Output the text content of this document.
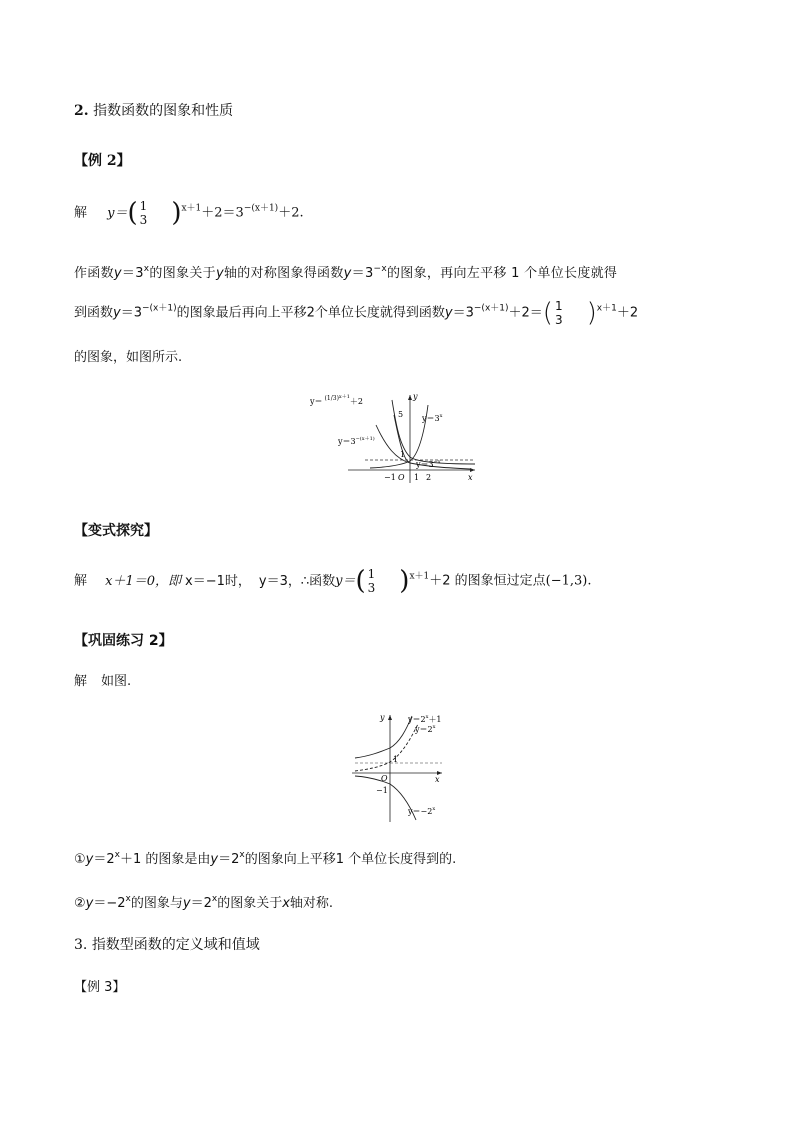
2. 指数函数的图象和性质
【例 2】
解 y＝( 1
3 )$^{x+1}+2=3^{-(x+1)}+2$.
作函数$y=3^x$的图象关于y轴的对称图象得函数$y=3^{-x}$的图象，再向左平移 1 个单位长度就得
到函数$y=3^{-(x+1)}$的图象最后再向上平移2个单位长度就得到函数$y=3^{-(x+1)}+2=$( 1
3 )$^{x+1}$＋2
的图象，如图所示.
y＝ (1/3)$^{x+1}$＋2
$y=3^x$
$y=3^{-(x+1)}$
$y=3^{-x}$
y
x
5
1
O
−1 1 2
【变式探究】
解 x＋1＝0，即 x＝−1时， y＝3，∴函数y＝( 1
3 )$^{x+1}$＋2 的图象恒过定点(−1,3).
【巩固练习 2】
解 如图.
$y=2^x+1$
$y=2^x$
$y=-2^x$
y
x
O
1
−1
$①y=2^x+1$ 的图象是由$y=2^x$的图象向上平移1 个单位长度得到的.
$②y=-2^x$的图象与$y=2^x$的图象关于x轴对称.
3. 指数型函数的定义域和值域
【例 3】
